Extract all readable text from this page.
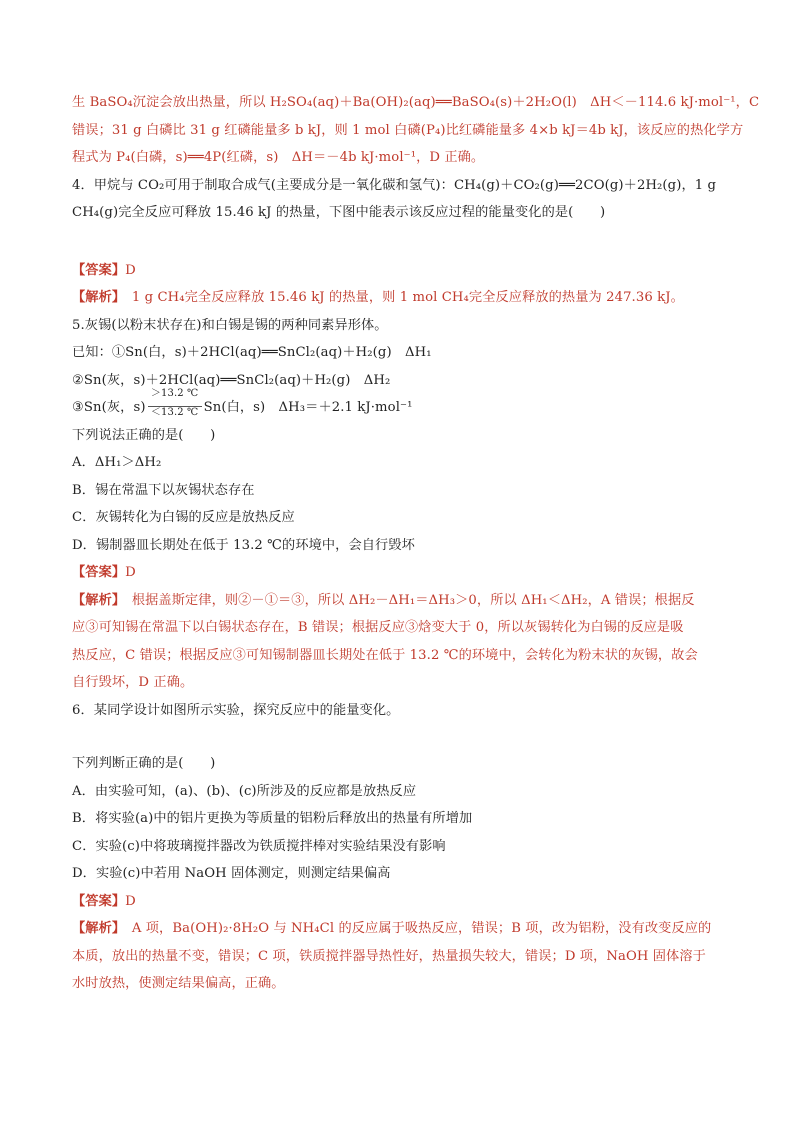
生 BaSO₄沉淀会放出热量，所以 H₂SO₄(aq)＋Ba(OH)₂(aq)══BaSO₄(s)＋2H₂O(l)　ΔH＜－114.6 kJ·mol⁻¹，C
错误；31 g 白磷比 31 g 红磷能量多 b kJ，则 1 mol 白磷(P₄)比红磷能量多 4×b kJ＝4b kJ，该反应的热化学方
程式为 P₄(白磷，s)══4P(红磷，s)　ΔH＝－4b kJ·mol⁻¹，D 正确。
4．甲烷与 CO₂可用于制取合成气(主要成分是一氧化碳和氢气)：CH₄(g)＋CO₂(g)══2CO(g)＋2H₂(g)，1 g
CH₄(g)完全反应可释放 15.46 kJ 的热量，下图中能表示该反应过程的能量变化的是(　　)
【答案】D
【解析】　1 g CH₄完全反应释放 15.46 kJ 的热量，则 1 mol CH₄完全反应释放的热量为 247.36 kJ。
5.灰锡(以粉末状存在)和白锡是锡的两种同素异形体。
已知：①Sn(白，s)＋2HCl(aq)══SnCl₂(aq)＋H₂(g)　ΔH₁
②Sn(灰，s)＋2HCl(aq)══SnCl₂(aq)＋H₂(g)　ΔH₂
③Sn(灰，$s) \frac{>13.2 ℃}{<13.2 ℃} Sn$(白，s)　ΔH₃＝＋2.1 kJ·mol⁻¹
下列说法正确的是(　　)
A．ΔH₁＞ΔH₂
B．锡在常温下以灰锡状态存在
C．灰锡转化为白锡的反应是放热反应
D．锡制器皿长期处在低于 13.2 ℃的环境中，会自行毁坏
【答案】D
【解析】　根据盖斯定律，则②－①＝③，所以 ΔH₂－ΔH₁＝ΔH₃＞0，所以 ΔH₁＜ΔH₂，A 错误；根据反
应③可知锡在常温下以白锡状态存在，B 错误；根据反应③焓变大于 0，所以灰锡转化为白锡的反应是吸
热反应，C 错误；根据反应③可知锡制器皿长期处在低于 13.2 ℃的环境中，会转化为粉末状的灰锡，故会
自行毁坏，D 正确。
6．某同学设计如图所示实验，探究反应中的能量变化。
下列判断正确的是(　　)
A．由实验可知，(a)、(b)、(c)所涉及的反应都是放热反应
B．将实验(a)中的铝片更换为等质量的铝粉后释放出的热量有所增加
C．实验(c)中将玻璃搅拌器改为铁质搅拌棒对实验结果没有影响
D．实验(c)中若用 NaOH 固体测定，则测定结果偏高
【答案】D
【解析】　A 项，Ba(OH)₂·8H₂O 与 NH₄Cl 的反应属于吸热反应，错误；B 项，改为铝粉，没有改变反应的
本质，放出的热量不变，错误；C 项，铁质搅拌器导热性好，热量损失较大，错误；D 项，NaOH 固体溶于
水时放热，使测定结果偏高，正确。
